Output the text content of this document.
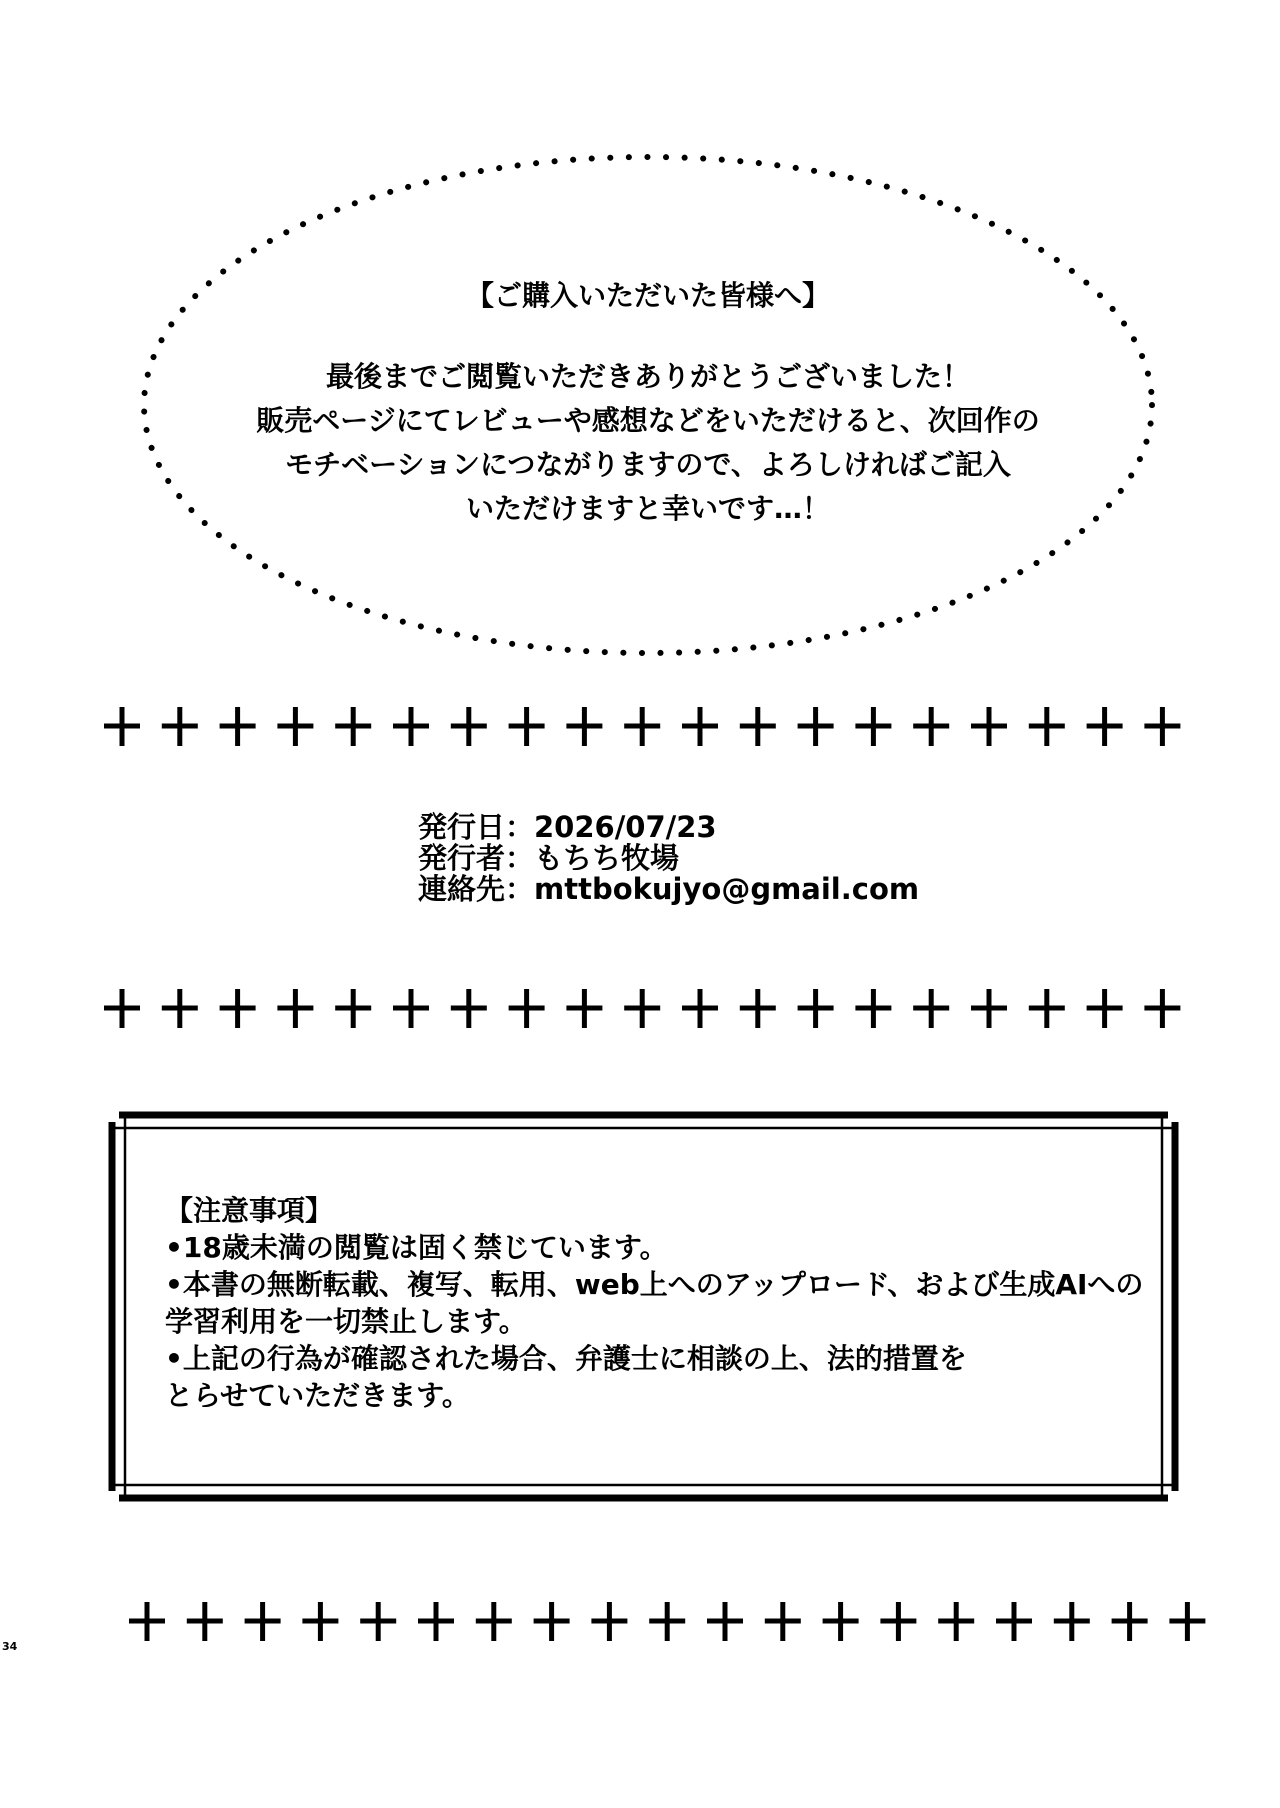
【ご購入いただいた皆様へ】
最後までご閲覧いただきありがとうございました！
販売ページにてレビューや感想などをいただけると、次回作の
モチベーションにつながりますので、よろしければご記入
いただけますと幸いです…！
発行日：2026/07/23
発行者：もちち牧場
連絡先：mttbokujyo@gmail.com
【注意事項】
•18歳未満の閲覧は固く禁じています。
•本書の無断転載、複写、転用、web上へのアップロード、および生成AIへの
学習利用を一切禁止します。
•上記の行為が確認された場合、弁護士に相談の上、法的措置を
とらせていただきます。
34
